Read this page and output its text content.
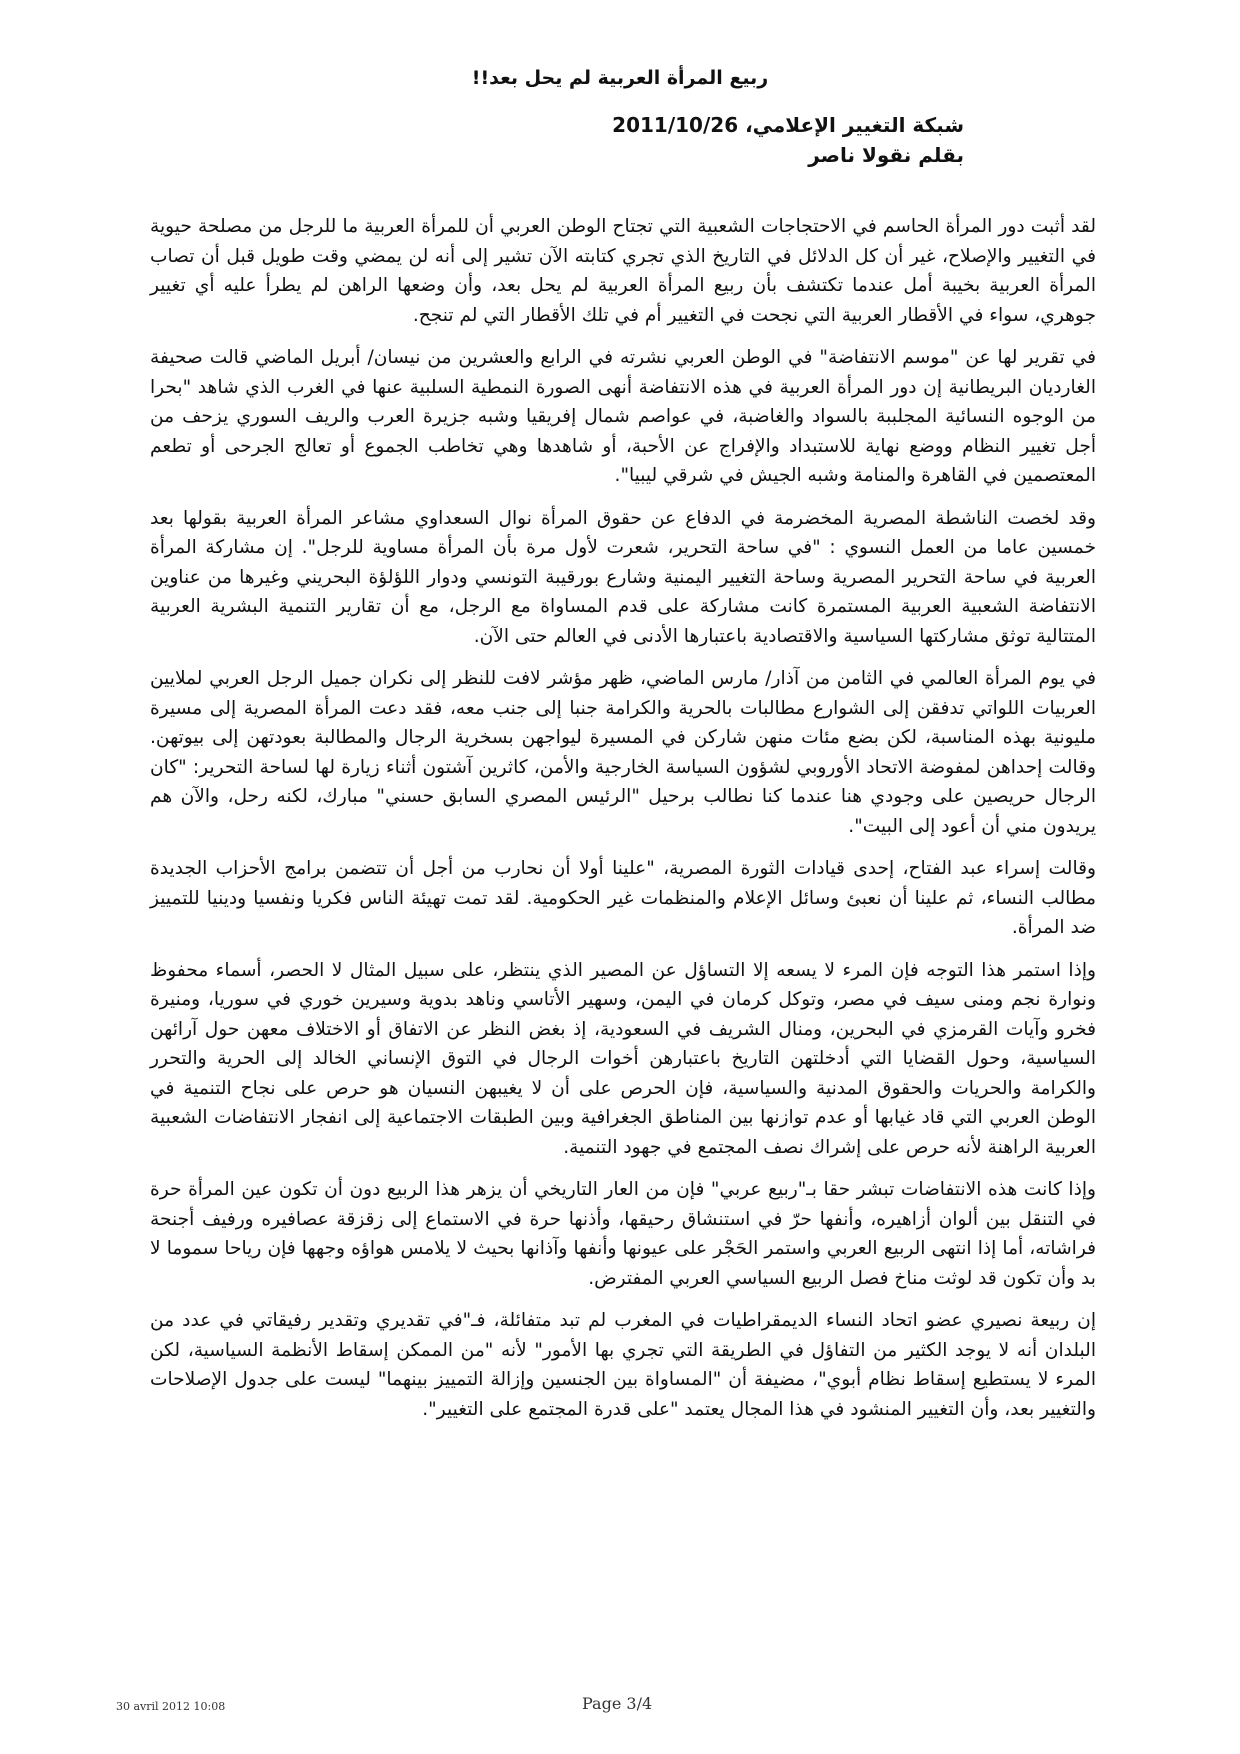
ربيع المرأة العربية لم يحل بعد!!
شبكة التغيير الإعلامي، 2011/10/26
بقلم نقولا ناصر

لقد أثبت دور المرأة الحاسم في الاحتجاجات الشعبية التي تجتاح الوطن العربي أن للمرأة العربية ما للرجل من مصلحة حيوية في التغيير والإصلاح، غير أن كل الدلائل في التاريخ الذي تجري كتابته الآن تشير إلى أنه لن يمضي وقت طويل قبل أن تصاب المرأة العربية بخيبة أمل عندما تكتشف بأن ربيع المرأة العربية لم يحل بعد، وأن وضعها الراهن لم يطرأ عليه أي تغيير جوهري، سواء في الأقطار العربية التي نجحت في التغيير أم في تلك الأقطار التي لم تنجح.

في تقرير لها عن "موسم الانتفاضة" في الوطن العربي نشرته في الرابع والعشرين من نيسان/ أبريل الماضي قالت صحيفة الغارديان البريطانية إن دور المرأة العربية في هذه الانتفاضة أنهى الصورة النمطية السلبية عنها في الغرب الذي شاهد "بحرا من الوجوه النسائية المجلببة بالسواد والغاضبة، في عواصم شمال إفريقيا وشبه جزيرة العرب والريف السوري يزحف من أجل تغيير النظام ووضع نهاية للاستبداد والإفراج عن الأحبة، أو شاهدها وهي تخاطب الجموع أو تعالج الجرحى أو تطعم المعتصمين في القاهرة والمنامة وشبه الجيش في شرقي ليبيا".

وقد لخصت الناشطة المصرية المخضرمة في الدفاع عن حقوق المرأة نوال السعداوي مشاعر المرأة العربية بقولها بعد خمسين عاما من العمل النسوي : "في ساحة التحرير، شعرت لأول مرة بأن المرأة مساوية للرجل". إن مشاركة المرأة العربية في ساحة التحرير المصرية وساحة التغيير اليمنية وشارع بورقيبة التونسي ودوار اللؤلؤة البحريني وغيرها من عناوين الانتفاضة الشعبية العربية المستمرة كانت مشاركة على قدم المساواة مع الرجل، مع أن تقارير التنمية البشرية العربية المتتالية توثق مشاركتها السياسية والاقتصادية باعتبارها الأدنى في العالم حتى الآن.

في يوم المرأة العالمي في الثامن من آذار/ مارس الماضي، ظهر مؤشر لافت للنظر إلى نكران جميل الرجل العربي لملايين العربيات اللواتي تدفقن إلى الشوارع مطالبات بالحرية والكرامة جنبا إلى جنب معه، فقد دعت المرأة المصرية إلى مسيرة مليونية بهذه المناسبة، لكن بضع مئات منهن شاركن في المسيرة ليواجهن بسخرية الرجال والمطالبة بعودتهن إلى بيوتهن. وقالت إحداهن لمفوضة الاتحاد الأوروبي لشؤون السياسة الخارجية والأمن، كاثرين آشتون أثناء زيارة لها لساحة التحرير: "كان الرجال حريصين على وجودي هنا عندما كنا نطالب برحيل "الرئيس المصري السابق حسني" مبارك، لكنه رحل، والآن هم يريدون مني أن أعود إلى البيت".

وقالت إسراء عبد الفتاح، إحدى قيادات الثورة المصرية، "علينا أولا أن نحارب من أجل أن تتضمن برامج الأحزاب الجديدة مطالب النساء، ثم علينا أن نعبئ وسائل الإعلام والمنظمات غير الحكومية. لقد تمت تهيئة الناس فكريا ونفسيا ودينيا للتمييز ضد المرأة.

وإذا استمر هذا التوجه فإن المرء لا يسعه إلا التساؤل عن المصير الذي ينتظر، على سبيل المثال لا الحصر، أسماء محفوظ ونوارة نجم ومنى سيف في مصر، وتوكل كرمان في اليمن، وسهير الأتاسي وناهد بدوية وسيرين خوري في سوريا، ومنيرة فخرو وآيات القرمزي في البحرين، ومنال الشريف في السعودية، إذ بغض النظر عن الاتفاق أو الاختلاف معهن حول آرائهن السياسية، وحول القضايا التي أدخلتهن التاريخ باعتبارهن أخوات الرجال في التوق الإنساني الخالد إلى الحرية والتحرر والكرامة والحريات والحقوق المدنية والسياسية، فإن الحرص على أن لا يغيبهن النسيان هو حرص على نجاح التنمية في الوطن العربي التي قاد غيابها أو عدم توازنها بين المناطق الجغرافية وبين الطبقات الاجتماعية إلى انفجار الانتفاضات الشعبية العربية الراهنة لأنه حرص على إشراك نصف المجتمع في جهود التنمية.

وإذا كانت هذه الانتفاضات تبشر حقا بـ"ربيع عربي" فإن من العار التاريخي أن يزهر هذا الربيع دون أن تكون عين المرأة حرة في التنقل بين ألوان أزاهيره، وأنفها حرّ في استنشاق رحيقها، وأذنها حرة في الاستماع إلى زقزقة عصافيره ورفيف أجنحة فراشاته، أما إذا انتهى الربيع العربي واستمر الحَجْر على عيونها وأنفها وآذانها بحيث لا يلامس هواؤه وجهها فإن رياحا سموما لا بد وأن تكون قد لوثت مناخ فصل الربيع السياسي العربي المفترض.

إن ربيعة نصيري عضو اتحاد النساء الديمقراطيات في المغرب لم تبد متفائلة، فـ"في تقديري وتقدير رفيقاتي في عدد من البلدان أنه لا يوجد الكثير من التفاؤل في الطريقة التي تجري بها الأمور" لأنه "من الممكن إسقاط الأنظمة السياسية، لكن المرء لا يستطيع إسقاط نظام أبوي"، مضيفة أن "المساواة بين الجنسين وإزالة التمييز بينهما" ليست على جدول الإصلاحات والتغيير بعد، وأن التغيير المنشود في هذا المجال يعتمد "على قدرة المجتمع على التغيير".

30 avril 2012 10:08	Page 3/4
